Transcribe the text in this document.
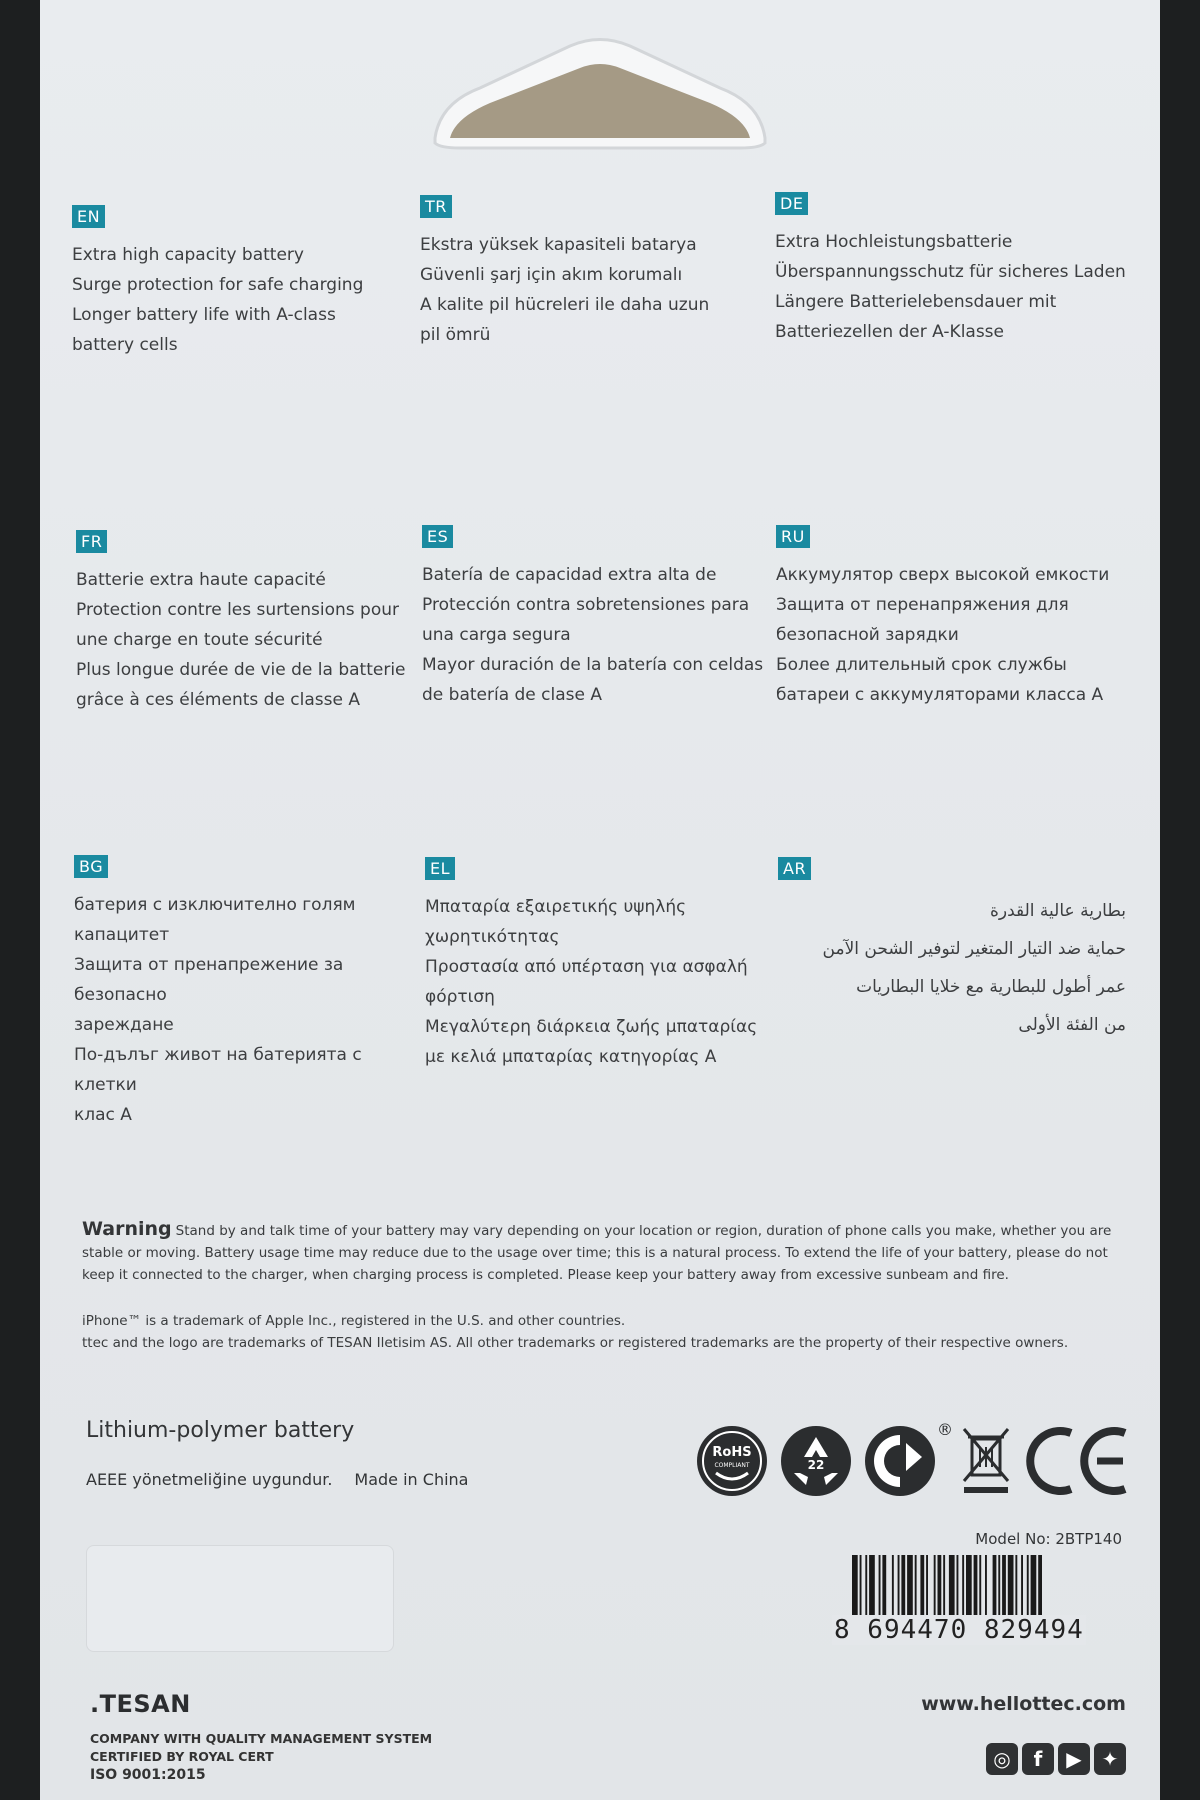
EN
Extra high capacity battery
Surge protection for safe charging
Longer battery life with A-class
battery cells
TR
Ekstra yüksek kapasiteli batarya
Güvenli şarj için akım korumalı
A kalite pil hücreleri ile daha uzun
pil ömrü
DE
Extra Hochleistungsbatterie
Überspannungsschutz für sicheres Laden
Längere Batterielebensdauer mit
Batteriezellen der A-Klasse
FR
Batterie extra haute capacité
Protection contre les surtensions pour
une charge en toute sécurité
Plus longue durée de vie de la batterie
grâce à ces éléments de classe A
ES
Batería de capacidad extra alta de
Protección contra sobretensiones para
una carga segura
Mayor duración de la batería con celdas
de batería de clase A
RU
Аккумулятор сверх высокой емкости
Защита от перенапряжения для
безопасной зарядки
Более длительный срок службы
батареи с аккумуляторами класса А
BG
батерия с изключително голям
капацитет
Защита от пренапрежение за безопасно
зареждане
По-дълъг живот на батерията с клетки
клас А
EL
Μπαταρία εξαιρετικής υψηλής
χωρητικότητας
Προστασία από υπέρταση για ασφαλή
φόρτιση
Μεγαλύτερη διάρκεια ζωής μπαταρίας
με κελιά μπαταρίας κατηγορίας Α
AR
بطارية عالية القدرة
حماية ضد التيار المتغير لتوفير الشحن الآمن
عمر أطول للبطارية مع خلايا البطاريات
من الفئة الأولى
Warning Stand by and talk time of your battery may vary depending on your location or region, duration of phone calls you make, whether you are stable or moving. Battery usage time may reduce due to the usage over time; this is a natural process. To extend the life of your battery, please do not keep it connected to the charger, when charging process is completed. Please keep your battery away from excessive sunbeam and fire.
iPhone™ is a trademark of Apple Inc., registered in the U.S. and other countries.
ttec and the logo are trademarks of TESAN Iletisim AS. All other trademarks or registered trademarks are the property of their respective owners.
Lithium-polymer battery
AEEE yönetmeliğine uygundur. Made in China
RoHS
COMPLIANT	22
®
Model No: 2BTP140
8 694470 829494
.TESAN
COMPANY WITH QUALITY MANAGEMENT SYSTEM
CERTIFIED BY ROYAL CERT
ISO 9001:2015
www.hellottec.com
◎	f	▶ ✦
